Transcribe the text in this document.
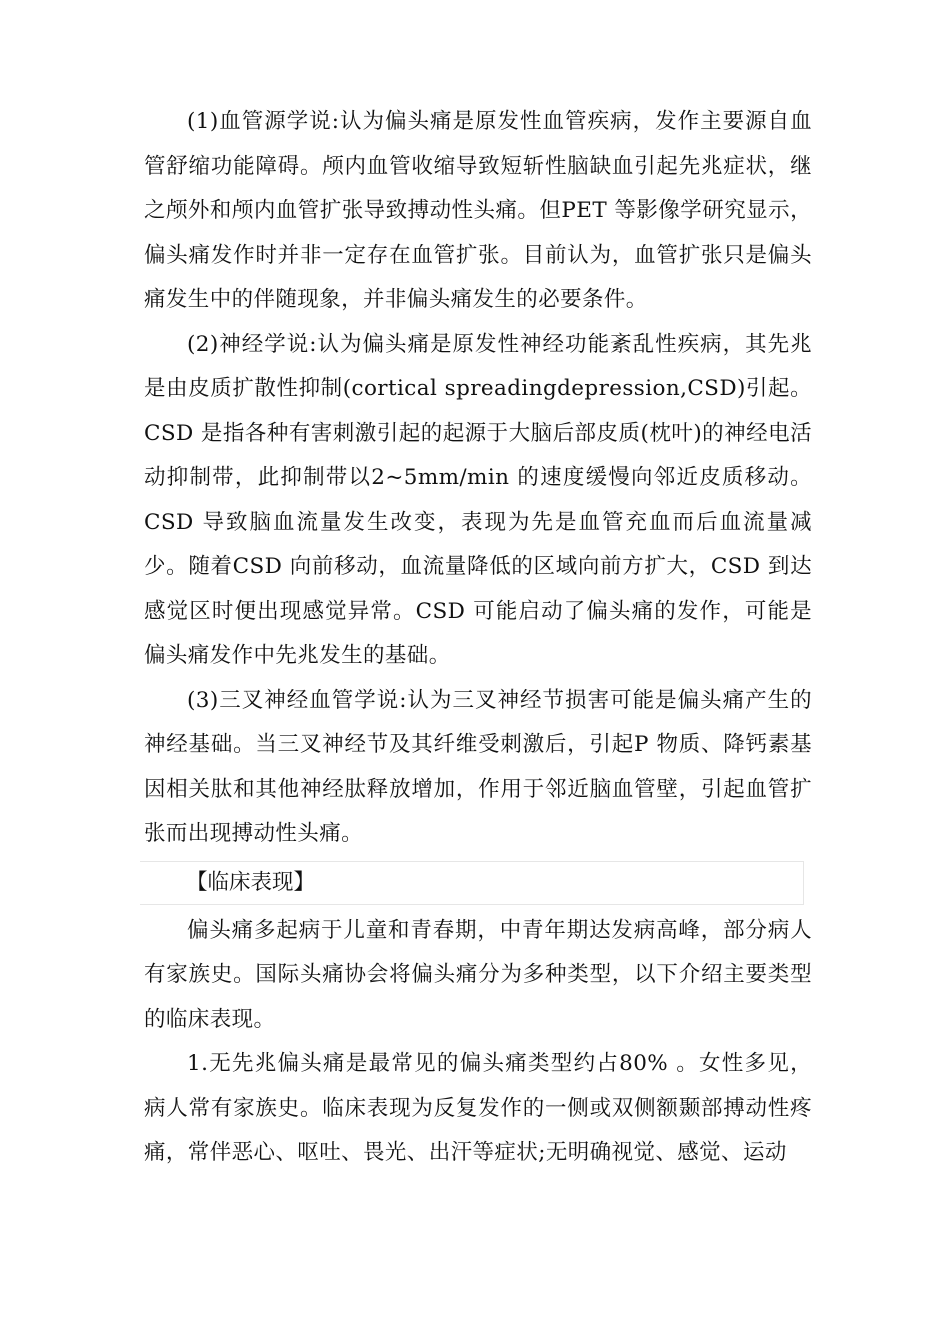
(1)血管源学说:认为偏头痛是原发性血管疾病，发作主要源自血管舒缩功能障碍。颅内血管收缩导致短斩性脑缺血引起先兆症状，继之颅外和颅内血管扩张导致搏动性头痛。但PET 等影像学研究显示，偏头痛发作时并非一定存在血管扩张。目前认为，血管扩张只是偏头痛发生中的伴随现象，并非偏头痛发生的必要条件。

(2)神经学说:认为偏头痛是原发性神经功能紊乱性疾病，其先兆是由皮质扩散性抑制(cortical spreadingdepression,CSD)引起。CSD 是指各种有害刺激引起的起源于大脑后部皮质(枕叶)的神经电活动抑制带，此抑制带以2~5mm/min 的速度缓慢向邻近皮质移动。CSD 导致脑血流量发生改变，表现为先是血管充血而后血流量减少。随着CSD 向前移动，血流量降低的区域向前方扩大，CSD 到达感觉区时便出现感觉异常。CSD 可能启动了偏头痛的发作，可能是偏头痛发作中先兆发生的基础。

(3)三叉神经血管学说:认为三叉神经节损害可能是偏头痛产生的神经基础。当三叉神经节及其纤维受刺激后，引起P 物质、降钙素基因相关肽和其他神经肽释放增加，作用于邻近脑血管壁，引起血管扩张而出现搏动性头痛。

【临床表现】

偏头痛多起病于儿童和青春期，中青年期达发病高峰，部分病人有家族史。国际头痛协会将偏头痛分为多种类型，以下介绍主要类型的临床表现。

1.无先兆偏头痛是最常见的偏头痛类型约占80% 。女性多见，病人常有家族史。临床表现为反复发作的一侧或双侧额颞部搏动性疼痛，常伴恶心、呕吐、畏光、出汗等症状;无明确视觉、感觉、运动
